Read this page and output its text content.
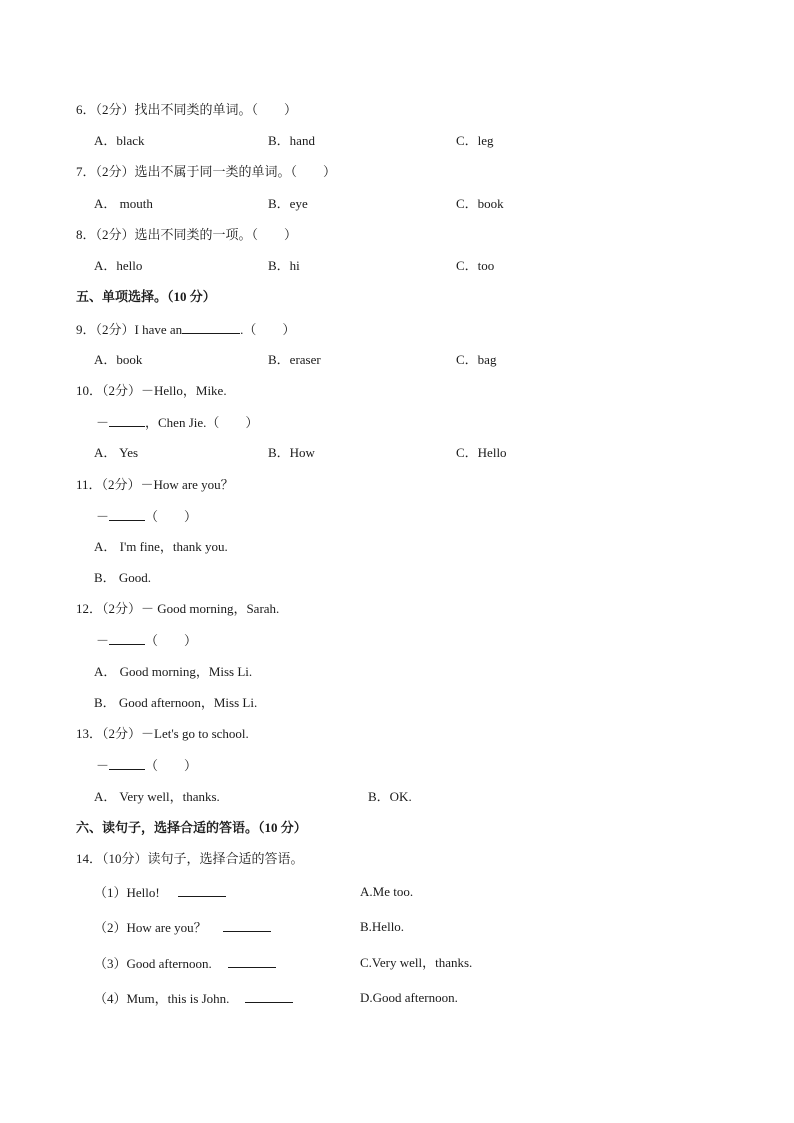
6．（2分）找出不同类的单词。（　　）
A．black	B．hand	C．leg
7．（2分）选出不属于同一类的单词。（　　）
A． mouth	B．eye	C．book
8．（2分）选出不同类的一项。（　　）
A．hello	B．hi	C．too
五、单项选择。（10 分）
9．（2分）I have an	.（　　）
A．book	B．eraser	C．bag
10．（2分）－Hello，Mike.
－	，Chen Jie.（　　）
A． Yes	B．How	C．Hello
11．（2分）－How are you？
－	（　　）
A． I'm fine，thank you.
B． Good.
12．（2分）－ Good morning，Sarah.
－	（　　）
A． Good morning，Miss Li.
B． Good afternoon，Miss Li.
13．（2分）－Let's go to school.
－	（　　）
A． Very well，thanks.	B．OK.
六、读句子，选择合适的答语。（10 分）
14．（10分）读句子，选择合适的答语。
（1）Hello!	A.Me too.
（2）How are you？	B.Hello.
（3）Good afternoon.	C.Very well，thanks.
（4）Mum，this is John.	D.Good afternoon.
